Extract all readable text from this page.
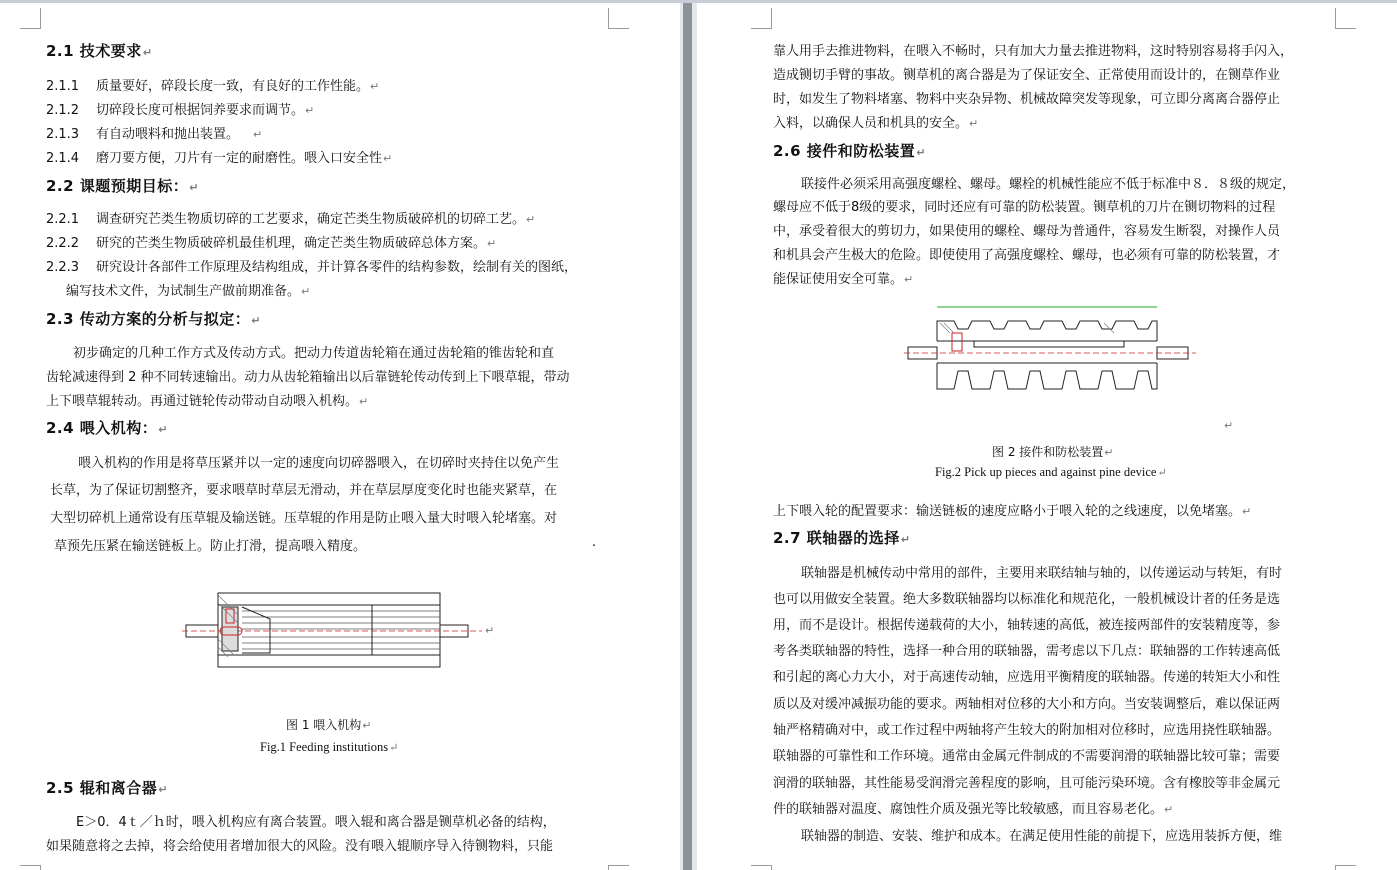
2.1 技术要求↵
2.1.1 质量要好，碎段长度一致，有良好的工作性能。↵
2.1.2 切碎段长度可根据饲养要求而调节。↵
2.1.3 有自动喂料和抛出装置。 ↵
2.1.4 磨刀要方便，刀片有一定的耐磨性。喂入口安全性↵
2.2 课题预期目标：↵
2.2.1 调查研究芒类生物质切碎的工艺要求，确定芒类生物质破碎机的切碎工艺。↵
2.2.2 研究的芒类生物质破碎机最佳机理，确定芒类生物质破碎总体方案。↵
2.2.3 研究设计各部件工作原理及结构组成，并计算各零件的结构参数，绘制有关的图纸，
编写技术文件，为试制生产做前期准备。↵
2.3 传动方案的分析与拟定：↵
初步确定的几种工作方式及传动方式。把动力传道齿轮箱在通过齿轮箱的锥齿轮和直
齿轮减速得到 2 种不同转速输出。动力从齿轮箱输出以后靠链轮传动传到上下喂草辊，带动
上下喂草辊转动。再通过链轮传动带动自动喂入机构。↵
2.4 喂入机构：↵
喂入机构的作用是将草压紧并以一定的速度向切碎器喂入，在切碎时夹持住以免产生
长草，为了保证切割整齐，要求喂草时草层无滑动，并在草层厚度变化时也能夹紧草，在
大型切碎机上通常设有压草辊及输送链。压草辊的作用是防止喂入量大时喂入轮堵塞。对
草预先压紧在输送链板上。防止打滑，提高喂入精度。	.
↵
图 1 喂入机构↵
Fig.1 Feeding institutions↵
2.5 辊和离合器↵
E＞0．4ｔ／ｈ时，喂入机构应有离合装置。喂入辊和离合器是铡草机必备的结构，
如果随意将之去掉，将会给使用者增加很大的风险。没有喂入辊顺序导入待铡物料，只能
靠人用手去推进物料，在喂入不畅时，只有加大力量去推进物料，这时特别容易将手闪入，
造成铡切手臂的事故。铡草机的离合器是为了保证安全、正常使用而设计的，在铡草作业
时，如发生了物料堵塞、物料中夹杂异物、机械故障突发等现象，可立即分离离合器停止
入料，以确保人员和机具的安全。↵
2.6 接件和防松装置↵
联接件必须采用高强度螺栓、螺母。螺栓的机械性能应不低于标准中８．８级的规定，
螺母应不低于8级的要求，同时还应有可靠的防松装置。铡草机的刀片在铡切物料的过程
中，承受着很大的剪切力，如果使用的螺栓、螺母为普通件，容易发生断裂，对操作人员
和机具会产生极大的危险。即使使用了高强度螺栓、螺母，也必须有可靠的防松装置，才
能保证使用安全可靠。↵
↵
图 2 接件和防松装置↵
Fig.2 Pick up pieces and against pine device↵
上下喂入轮的配置要求：输送链板的速度应略小于喂入轮的之线速度，以免堵塞。↵
2.7 联轴器的选择↵
联轴器是机械传动中常用的部件，主要用来联结轴与轴的，以传递运动与转矩，有时
也可以用做安全装置。绝大多数联轴器均以标准化和规范化，一般机械设计者的任务是选
用，而不是设计。根据传递载荷的大小，轴转速的高低，被连接两部件的安装精度等，参
考各类联轴器的特性，选择一种合用的联轴器，需考虑以下几点：联轴器的工作转速高低
和引起的离心力大小，对于高速传动轴，应选用平衡精度的联轴器。传递的转矩大小和性
质以及对缓冲减振功能的要求。两轴相对位移的大小和方向。当安装调整后，难以保证两
轴严格精确对中，或工作过程中两轴将产生较大的附加相对位移时，应选用挠性联轴器。
联轴器的可靠性和工作环境。通常由金属元件制成的不需要润滑的联轴器比较可靠；需要
润滑的联轴器，其性能易受润滑完善程度的影响，且可能污染环境。含有橡胶等非金属元
件的联轴器对温度、腐蚀性介质及强光等比较敏感，而且容易老化。↵
联轴器的制造、安装、维护和成本。在满足使用性能的前提下，应选用装拆方便，维
